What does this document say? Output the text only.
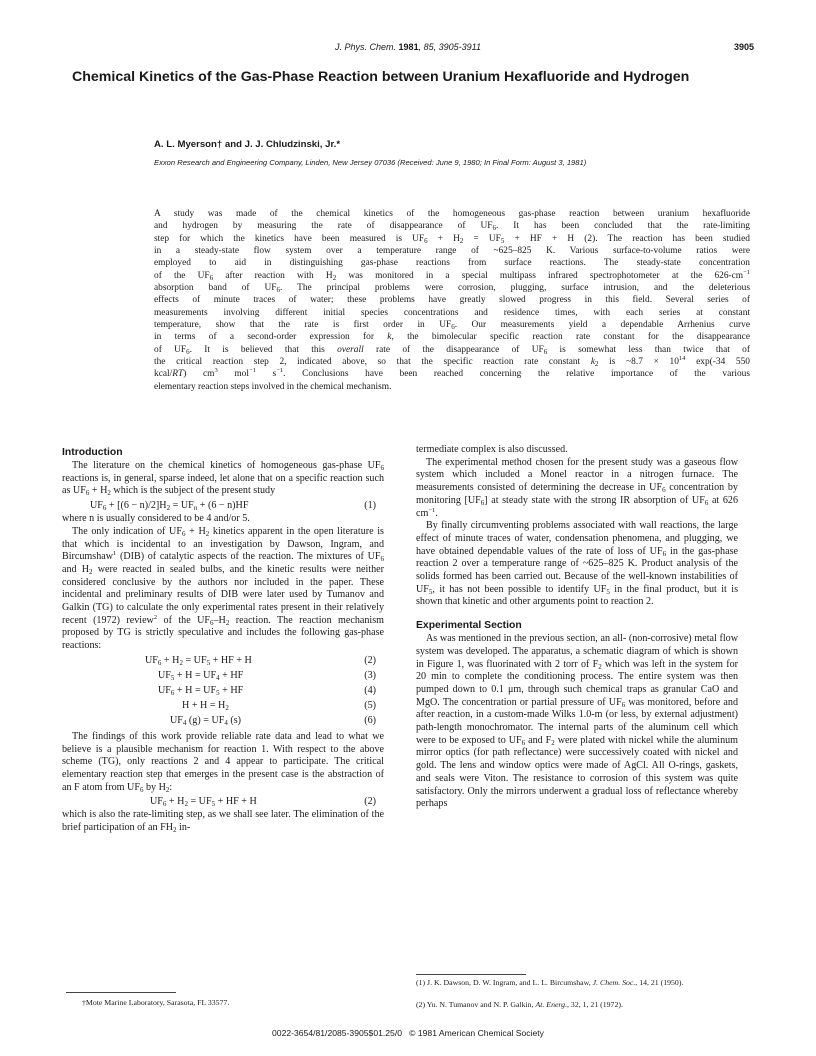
J. Phys. Chem. 1981, 85, 3905-3911	3905
Chemical Kinetics of the Gas-Phase Reaction between Uranium Hexafluoride and Hydrogen
A. L. Myerson† and J. J. Chludzinski, Jr.*
Exxon Research and Engineering Company, Linden, New Jersey 07036 (Received: June 9, 1980; In Final Form: August 3, 1981)
A study was made of the chemical kinetics of the homogeneous gas-phase reaction between uranium hexafluoride
and hydrogen by measuring the rate of disappearance of $UF_6$. It has been concluded that the rate-limiting
step for which the kinetics have been measured is $UF_6 + H_2 = UF_5$ + HF + H (2). The reaction has been studied
in a steady-state flow system over a temperature range of ~625–825 K. Various surface-to-volume ratios were
employed to aid in distinguishing gas-phase reactions from surface reactions. The steady-state concentration
of the $UF_6$ after reaction with $H_2$ was monitored in a special multipass infrared spectrophotometer at the $626-cm^{-1}$
absorption band of $UF_6$. The principal problems were corrosion, plugging, surface intrusion, and the deleterious
effects of minute traces of water; these problems have greatly slowed progress in this field. Several series of
measurements involving different initial species concentrations and residence times, with each series at constant
temperature, show that the rate is first order in $UF_6$. Our measurements yield a dependable Arrhenius curve
in terms of a second-order expression for k, the bimolecular specific reaction rate constant for the disappearance
of $UF_6$. It is believed that this overall rate of the disappearance of $UF_6$ is somewhat less than twice that of
the critical reaction step 2, indicated above, so that the specific reaction rate constant $k_2$ is ~8.7 × $10^{14}$ exp(-34 550
kcal/RT) $cm^3$ mol$^{-1}$ $s^{-1}$. Conclusions have been reached concerning the relative importance of the various
elementary reaction steps involved in the chemical mechanism.
Introduction

The literature on the chemical kinetics of homogeneous gas-phase $UF_6$ reactions is, in general, sparse indeed, let alone that on a specific reaction such as $UF_6 + H_2$ which is the subject of the present study

$UF_6 + [(6 - n)/2]H_2 = UF_n + (6 - n)HF$	(1)

where n is usually considered to be 4 and/or 5.

The only indication of $UF_6 + H_2$ kinetics apparent in the open literature is that which is incidental to an investigation by Dawson, Ingram, and Bircumshaw$^1$ (DIB) of catalytic aspects of the reaction. The mixtures of $UF_6$ and $H_2$ were reacted in sealed bulbs, and the kinetic results were neither considered conclusive by the authors nor included in the paper. These incidental and preliminary results of DIB were later used by Tumanov and Galkin (TG) to calculate the only experimental rates present in their relatively recent (1972) review$^2$ of the $UF_6-H_2$ reaction. The reaction mechanism proposed by TG is strictly speculative and includes the following gas-phase reactions:

$UF_6 + H_2 = UF_5$ + HF + H	(2)
$UF_5 + H = UF_4$ + HF	(3)
$UF_6 + H = UF_5$ + HF	(4)
$H + H = H_2$	(5)
$UF_4$ $(g) = UF_4$ (s)	(6)

The findings of this work provide reliable rate data and lead to what we believe is a plausible mechanism for reaction 1. With respect to the above scheme (TG), only reactions 2 and 4 appear to participate. The critical elementary reaction step that emerges in the present case is the abstraction of an F atom from $UF_6$ by $H_2$:

$UF_6 + H_2 = UF_5$ + HF + H	(2)

which is also the rate-limiting step, as we shall see later. The elimination of the brief participation of an $FH_2$ in-

termediate complex is also discussed.

The experimental method chosen for the present study was a gaseous flow system which included a Monel reactor in a nitrogen furnace. The measurements consisted of determining the decrease in $UF_6$ concentration by monitoring $[UF_6]$ at steady state with the strong IR absorption of $UF_6$ at 626 $cm^{-1}$.

By finally circumventing problems associated with wall reactions, the large effect of minute traces of water, condensation phenomena, and plugging, we have obtained dependable values of the rate of loss of $UF_6$ in the gas-phase reaction 2 over a temperature range of ~625–825 K. Product analysis of the solids formed has been carried out. Because of the well-known instabilities of $UF_5$, it has not been possible to identify $UF_5$ in the final product, but it is shown that kinetic and other arguments point to reaction 2.

Experimental Section

As was mentioned in the previous section, an all- (non-corrosive) metal flow system was developed. The apparatus, a schematic diagram of which is shown in Figure 1, was fluorinated with 2 torr of $F_2$ which was left in the system for 20 min to complete the conditioning process. The entire system was then pumped down to 0.1 μm, through such chemical traps as granular CaO and MgO. The concentration or partial pressure of $UF_6$ was monitored, before and after reaction, in a custom-made Wilks 1.0-m (or less, by external adjustment) path-length monochromator. The internal parts of the aluminum cell which were to be exposed to $UF_6$ and $F_2$ were plated with nickel while the aluminum mirror optics (for path reflectance) were successively coated with nickel and gold. The lens and window optics were made of AgCl. All O-rings, gaskets, and seals were Viton. The resistance to corrosion of this system was quite satisfactory. Only the mirrors underwent a gradual loss of reflectance whereby perhaps

†Mote Marine Laboratory, Sarasota, FL 33577.
(1) J. K. Dawson, D. W. Ingram, and L. L. Bircumshaw, J. Chem. Soc., 14, 21 (1950).
(2) Yu. N. Tumanov and N. P. Galkin, At. Energ., 32, 1, 21 (1972).
0022-3654/81/2085-3905$01.25/0   © 1981 American Chemical Society
